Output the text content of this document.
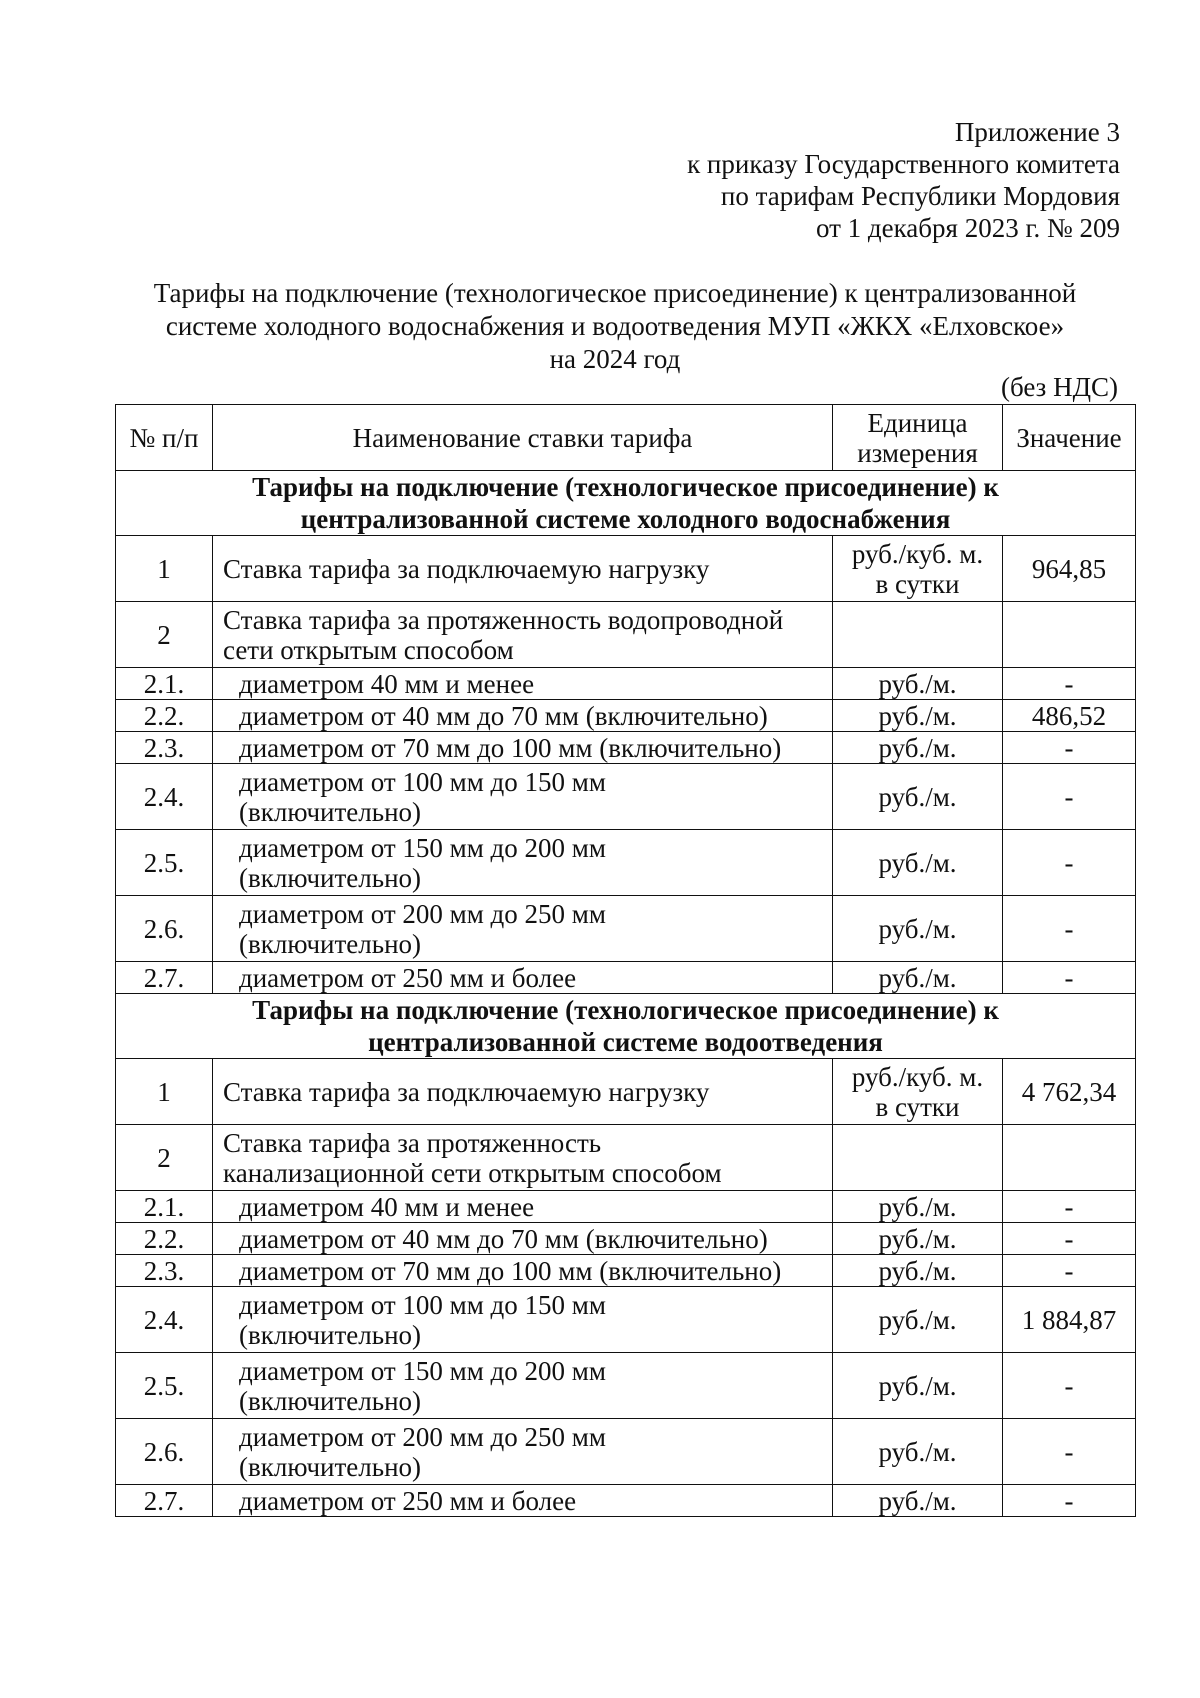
Приложение 3
к приказу Государственного комитета
по тарифам Республики Мордовия
от 1 декабря 2023 г. № 209
Тарифы на подключение (технологическое присоединение) к централизованной
системе холодного водоснабжения и водоотведения МУП «ЖКХ «Елховское»
на 2024 год
(без НДС)
№ п/п	Наименование ставки тарифа	Единица
измерения	Значение

Тарифы на подключение (технологическое присоединение) к
централизованной системе холодного водоснабжения			

1	Ставка тарифа за подключаемую нагрузку	руб./куб. м.
в сутки	964,85
2	Ставка тарифа за протяженность водопроводной
сети открытым способом		

2.1.	диаметром 40 мм и менее	руб./м.	-
2.2.	диаметром от 40 мм до 70 мм (включительно)	руб./м.	486,52
2.3.	диаметром от 70 мм до 100 мм (включительно)	руб./м.	-
2.4.	диаметром от 100 мм до 150 мм
(включительно)	руб./м.	-
2.5.	диаметром от 150 мм до 200 мм
(включительно)	руб./м.	-
2.6.	диаметром от 200 мм до 250 мм
(включительно)	руб./м.	-
2.7.	диаметром от 250 мм и более	руб./м.	-

Тарифы на подключение (технологическое присоединение) к
централизованной системе водоотведения			

1	Ставка тарифа за подключаемую нагрузку	руб./куб. м.
в сутки	4 762,34
2	Ставка тарифа за протяженность
канализационной сети открытым способом		

2.1.	диаметром 40 мм и менее	руб./м.	-
2.2.	диаметром от 40 мм до 70 мм (включительно)	руб./м.	-
2.3.	диаметром от 70 мм до 100 мм (включительно)	руб./м.	-
2.4.	диаметром от 100 мм до 150 мм
(включительно)	руб./м.	1 884,87
2.5.	диаметром от 150 мм до 200 мм
(включительно)	руб./м.	-
2.6.	диаметром от 200 мм до 250 мм
(включительно)	руб./м.	-
2.7.	диаметром от 250 мм и более	руб./м.	-
